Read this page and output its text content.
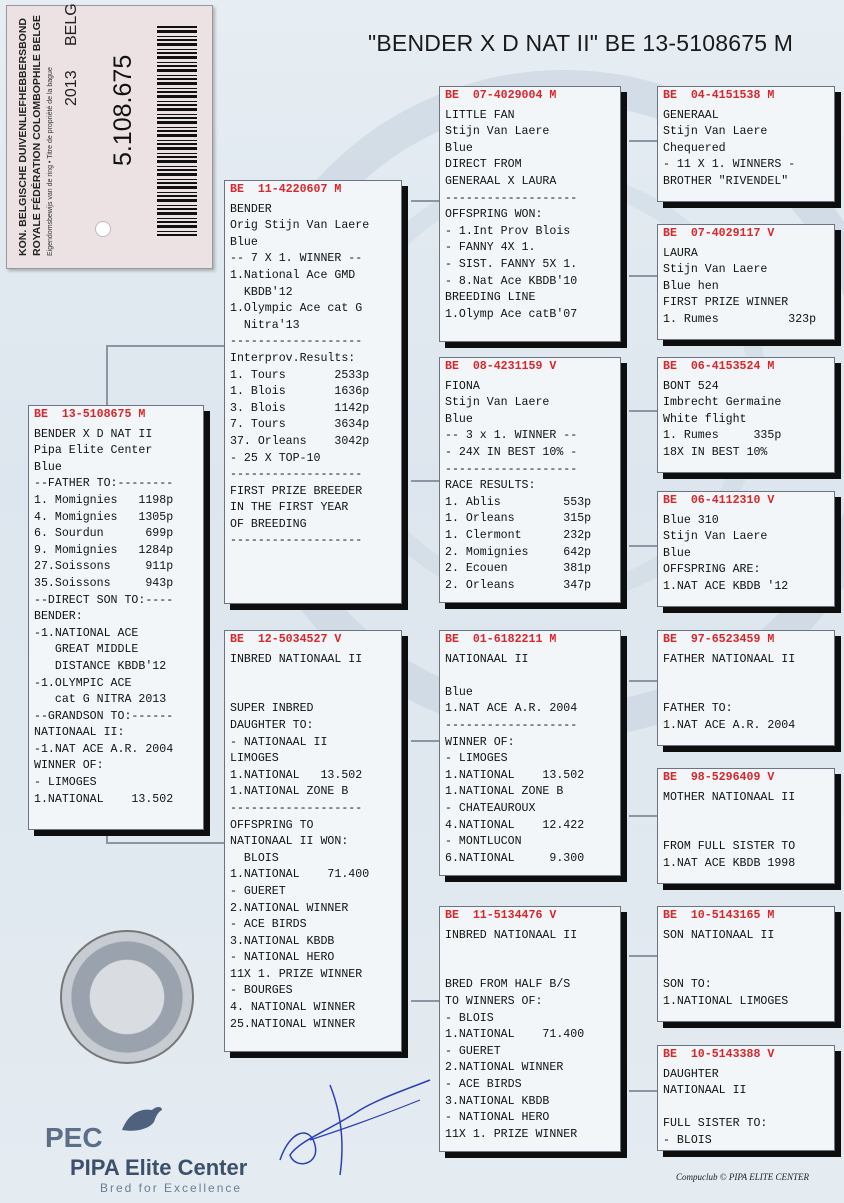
"BENDER X D NAT II" BE 13-5108675 M
KON. BELGISCHE DUIVENLIEFHEBBERSBOND ROYALE FÉDÉRATION COLOMBOPHILE BELGE Eigendomsbewijs van de ring • Titre de propriété de la bague 2013
BELG
5.108.675
BE  13-5108675 M
BENDER X D NAT II
Pipa Elite Center
Blue
--FATHER TO:--------
1. Momignies   1198p
4. Momignies   1305p
6. Sourdun      699p
9. Momignies   1284p
27.Soissons     911p
35.Soissons     943p
--DIRECT SON TO:----
BENDER:
-1.NATIONAL ACE
GREAT MIDDLE
DISTANCE KBDB'12
-1.OLYMPIC ACE
cat G NITRA 2013
--GRANDSON TO:------
NATIONAAL II:
-1.NAT ACE A.R. 2004
WINNER OF:
- LIMOGES
1.NATIONAL    13.502
BE  11-4220607 M
BENDER
Orig Stijn Van Laere
Blue
-- 7 X 1. WINNER --
1.National Ace GMD
KBDB'12
1.Olympic Ace cat G
Nitra'13
-------------------
Interprov.Results:
1. Tours       2533p
1. Blois       1636p
3. Blois       1142p
7. Tours       3634p
37. Orleans    3042p
- 25 X TOP-10
-------------------
FIRST PRIZE BREEDER
IN THE FIRST YEAR
OF BREEDING
-------------------
BE  12-5034527 V
INBRED NATIONAAL II

SUPER INBRED
DAUGHTER TO:
- NATIONAAL II
LIMOGES
1.NATIONAL   13.502
1.NATIONAL ZONE B
-------------------
OFFSPRING TO
NATIONAAL II WON:
BLOIS
1.NATIONAL    71.400
- GUERET
2.NATIONAL WINNER
- ACE BIRDS
3.NATIONAL KBDB
- NATIONAL HERO
11X 1. PRIZE WINNER
- BOURGES
4. NATIONAL WINNER
25.NATIONAL WINNER
BE  07-4029004 M
LITTLE FAN
Stijn Van Laere
Blue
DIRECT FROM
GENERAAL X LAURA
-------------------
OFFSPRING WON:
- 1.Int Prov Blois
- FANNY 4X 1.
- SIST. FANNY 5X 1.
- 8.Nat Ace KBDB'10
BREEDING LINE
1.Olymp Ace catB'07
BE  08-4231159 V
FIONA
Stijn Van Laere
Blue
-- 3 x 1. WINNER --
- 24X IN BEST 10% -
-------------------
RACE RESULTS:
1. Ablis         553p
1. Orleans       315p
1. Clermont      232p
2. Momignies     642p
2. Ecouen        381p
2. Orleans       347p
BE  01-6182211 M
NATIONAAL II

Blue
1.NAT ACE A.R. 2004
-------------------
WINNER OF:
- LIMOGES
1.NATIONAL    13.502
1.NATIONAL ZONE B
- CHATEAUROUX
4.NATIONAL    12.422
- MONTLUCON
6.NATIONAL     9.300
BE  11-5134476 V
INBRED NATIONAAL II

BRED FROM HALF B/S
TO WINNERS OF:
- BLOIS
1.NATIONAL    71.400
- GUERET
2.NATIONAL WINNER
- ACE BIRDS
3.NATIONAL KBDB
- NATIONAL HERO
11X 1. PRIZE WINNER
BE  04-4151538 M
GENERAAL
Stijn Van Laere
Chequered
- 11 X 1. WINNERS -
BROTHER "RIVENDEL"
BE  07-4029117 V
LAURA
Stijn Van Laere
Blue hen
FIRST PRIZE WINNER
1. Rumes          323p
BE  06-4153524 M
BONT 524
Imbrecht Germaine
White flight
1. Rumes     335p
18X IN BEST 10%
BE  06-4112310 V
Blue 310
Stijn Van Laere
Blue
OFFSPRING ARE:
1.NAT ACE KBDB '12
BE  97-6523459 M
FATHER NATIONAAL II

FATHER TO:
1.NAT ACE A.R. 2004
BE  98-5296409 V
MOTHER NATIONAAL II

FROM FULL SISTER TO
1.NAT ACE KBDB 1998
BE  10-5143165 M
SON NATIONAAL II

SON TO:
1.NATIONAL LIMOGES
BE  10-5143388 V
DAUGHTER
NATIONAAL II

FULL SISTER TO:
- BLOIS
PEC
PIPA Elite Center
Bred for Excellence
Compuclub © PIPA ELITE CENTER
